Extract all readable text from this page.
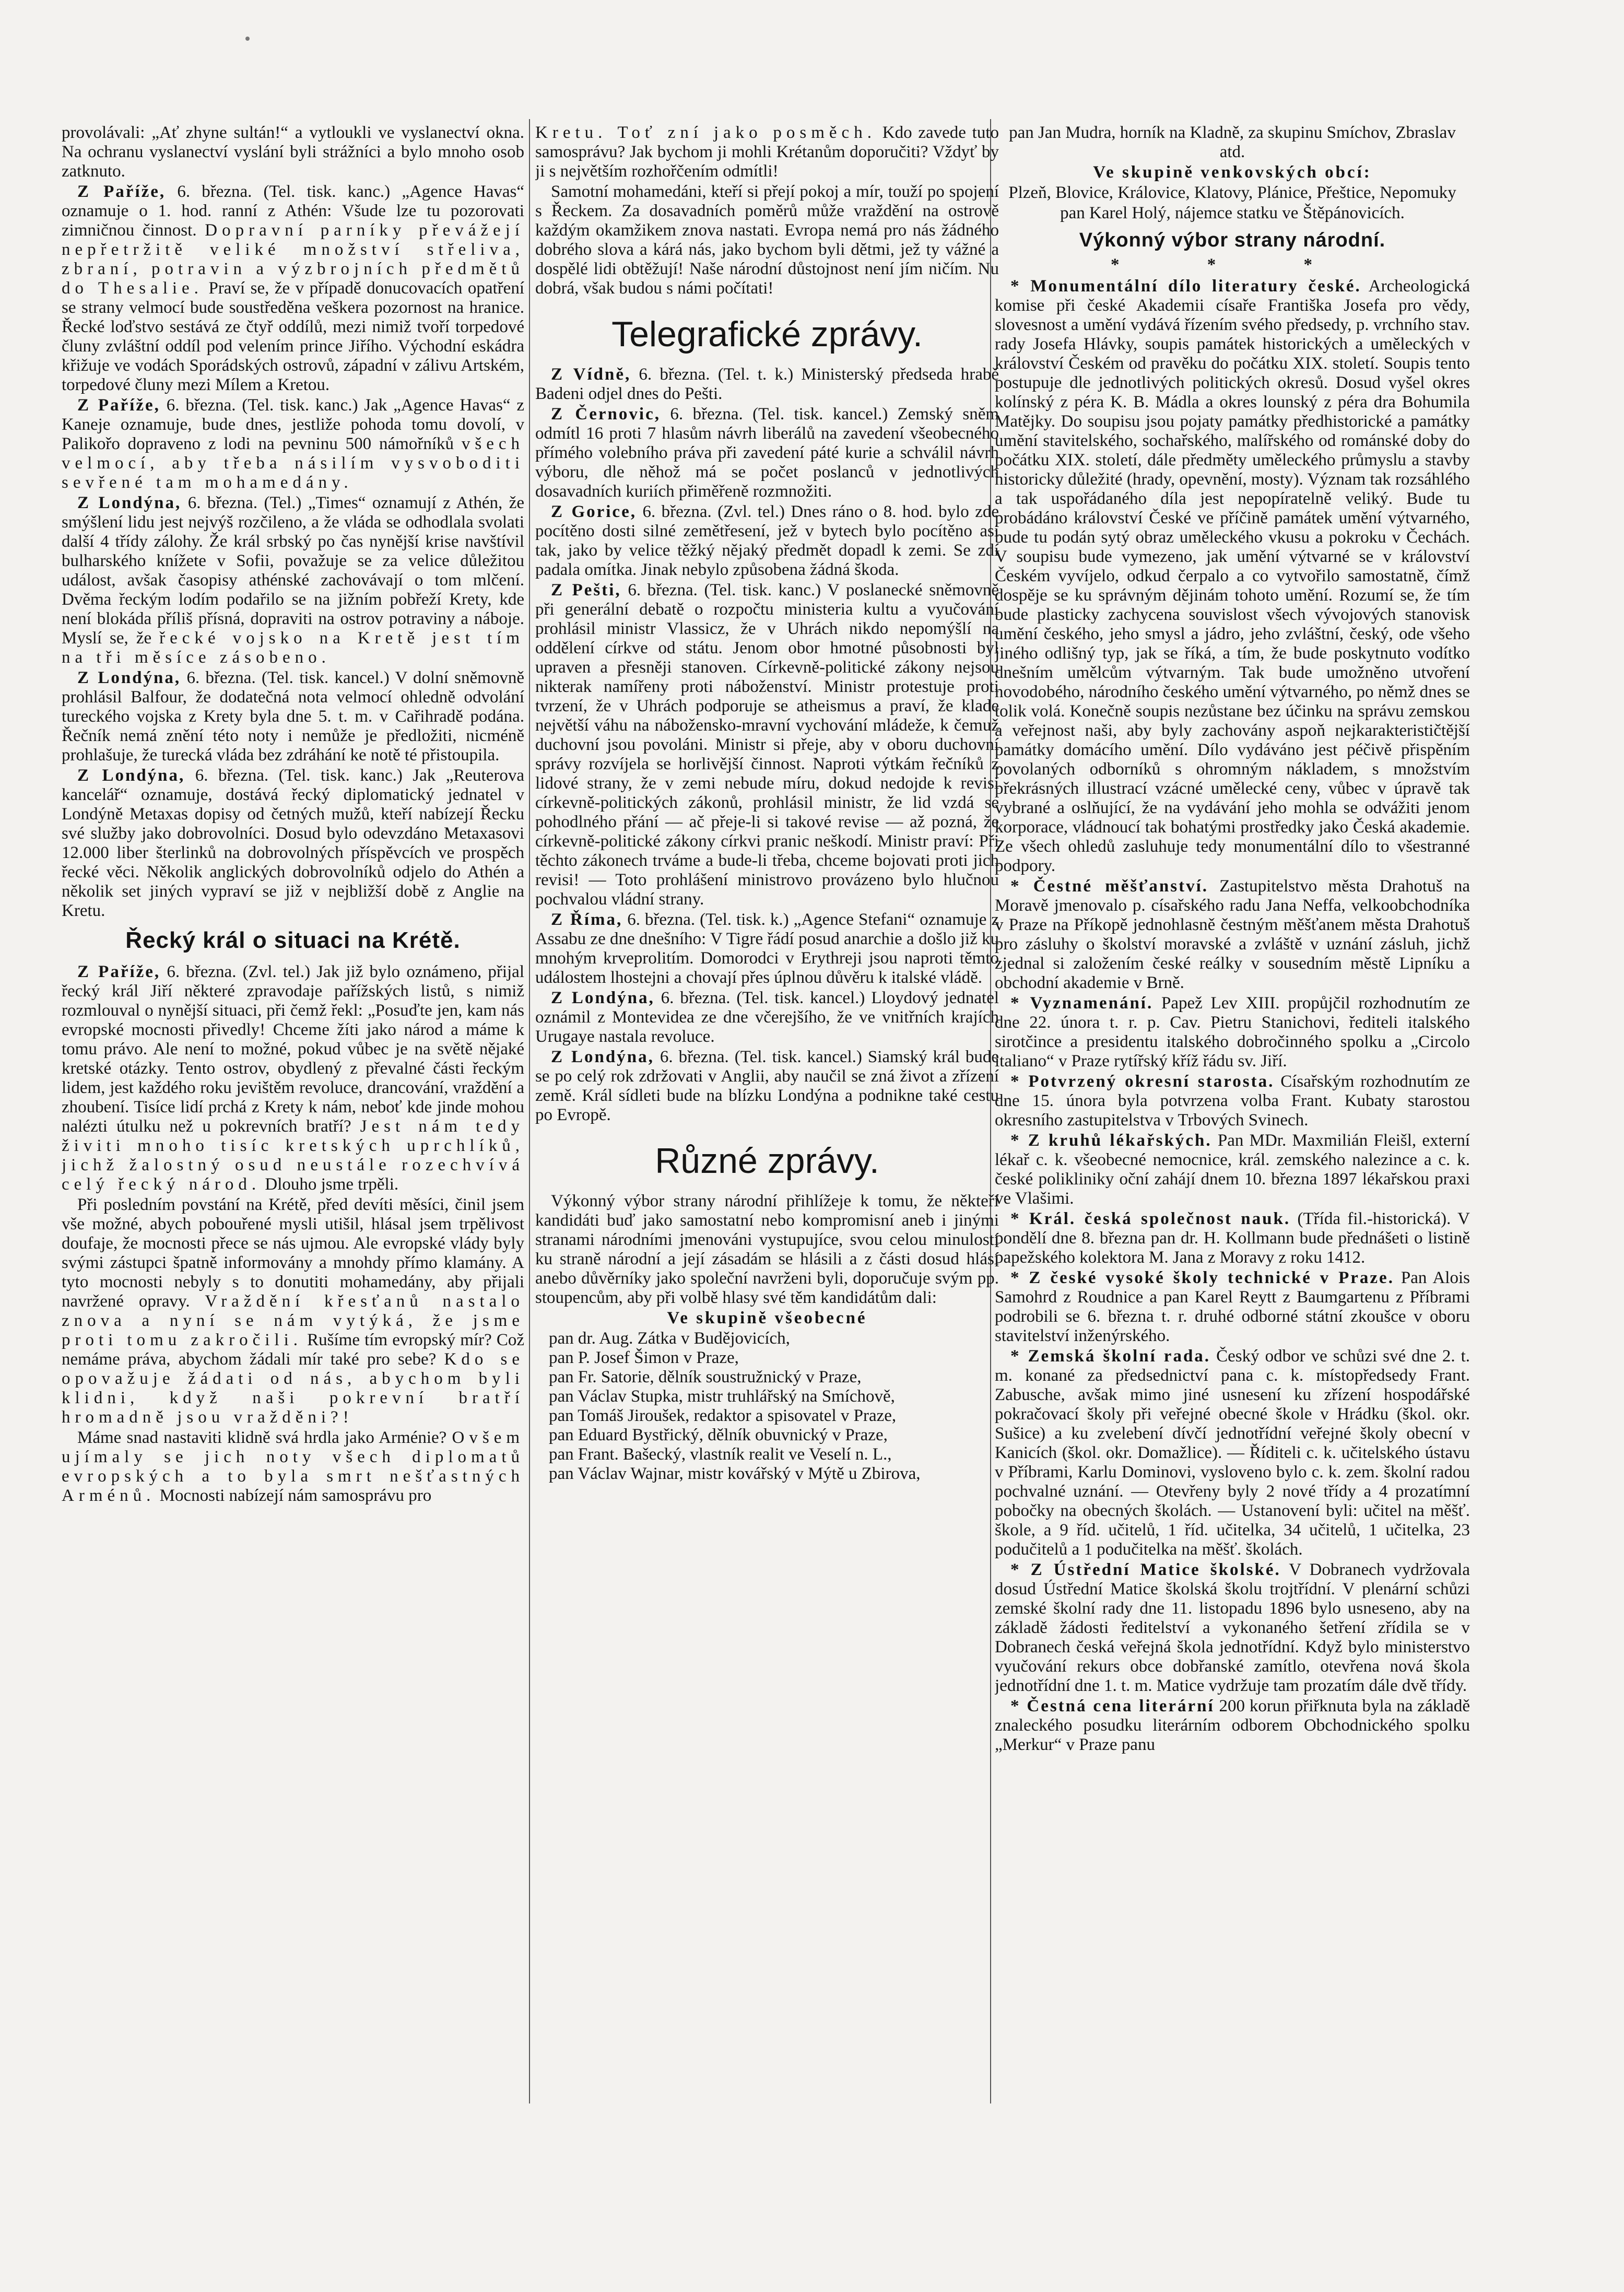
provolávali: „Ať zhyne sultán!“ a vytloukli ve vyslanectví okna. Na ochranu vyslanectví vyslání byli strážníci a bylo mnoho osob zatknuto.

Z Paříže, 6. března. (Tel. tisk. kanc.) „Agence Havas“ oznamuje o 1. hod. ranní z Athén: Všude lze tu pozorovati zimničnou činnost. Dopravní parníky převážejí nepřetržitě veliké množství střeliva, zbraní, potravin a výzbrojních předmětů do Thesalie. Praví se, že v případě donucovacích opatření se strany velmocí bude soustředěna veškera pozornost na hranice. Řecké loďstvo sestává ze čtyř oddílů, mezi nimiž tvoří torpedové čluny zvláštní oddíl pod velením prince Jiřího. Východní eskádra křižuje ve vodách Sporádských ostrovů, západní v zálivu Artském, torpedové čluny mezi Mílem a Kretou.

Z Paříže, 6. března. (Tel. tisk. kanc.) Jak „Agence Havas“ z Kaneje oznamuje, bude dnes, jestliže pohoda tomu dovolí, v Palikořo dopraveno z lodi na pevninu 500 námořníků všech velmocí, aby třeba násilím vysvoboditi sevřené tam mohamedány.

Z Londýna, 6. března. (Tel.) „Times“ oznamují z Athén, že smýšlení lidu jest nejvýš rozčileno, a že vláda se odhodlala svolati další 4 třídy zálohy. Že král srbský po čas nynější krise navštívil bulharského knížete v Sofii, považuje se za velice důležitou událost, avšak časopisy athénské zachovávají o tom mlčení. Dvěma řeckým lodím podařilo se na jižním pobřeží Krety, kde není blokáda příliš přísná, dopraviti na ostrov potraviny a náboje. Myslí se, že řecké vojsko na Kretě jest tím na tři měsíce zásobeno.

Z Londýna, 6. března. (Tel. tisk. kancel.) V dolní sněmovně prohlásil Balfour, že dodatečná nota velmocí ohledně odvolání tureckého vojska z Krety byla dne 5. t. m. v Cařihradě podána. Řečník nemá znění této noty i nemůže je předložiti, nicméně prohlašuje, že turecká vláda bez zdráhání ke notě té přistoupila.

Z Londýna, 6. března. (Tel. tisk. kanc.) Jak „Reuterova kancelář“ oznamuje, dostává řecký diplomatický jednatel v Londýně Metaxas dopisy od četných mužů, kteří nabízejí Řecku své služby jako dobrovolníci. Dosud bylo odevzdáno Metaxasovi 12.000 liber šterlinků na dobrovolných příspěvcích ve prospěch řecké věci. Několik anglických dobrovolníků odjelo do Athén a několik set jiných vypraví se již v nejbližší době z Anglie na Kretu.

Řecký král o situaci na Krétě.

Z Paříže, 6. března. (Zvl. tel.) Jak již bylo oznámeno, přijal řecký král Jiří některé zpravodaje pařížských listů, s nimiž rozmlouval o nynější situaci, při čemž řekl: „Posuďte jen, kam nás evropské mocnosti přivedly! Chceme žíti jako národ a máme k tomu právo. Ale není to možné, pokud vůbec je na světě nějaké kretské otázky. Tento ostrov, obydlený z převalné části řeckým lidem, jest každého roku jevištěm revoluce, drancování, vraždění a zhoubení. Tisíce lidí prchá z Krety k nám, neboť kde jinde mohou nalézti útulku než u pokrevních bratří? Jest nám tedy živiti mnoho tisíc kretských uprchlíků, jichž žalostný osud neustále rozechvívá celý řecký národ. Dlouho jsme trpěli.

Při posledním povstání na Krétě, před devíti měsíci, činil jsem vše možné, abych pobouřené mysli utišil, hlásal jsem trpělivost doufaje, že mocnosti přece se nás ujmou. Ale evropské vlády byly svými zástupci špatně informovány a mnohdy přímo klamány. A tyto mocnosti nebyly s to donutiti mohamedány, aby přijali navržené opravy. Vraždění křesťanů nastalo znova a nyní se nám vytýká, že jsme proti tomu zakročili. Rušíme tím evropský mír? Což nemáme práva, abychom žádali mír také pro sebe? Kdo se opovažuje žádati od nás, abychom byli klidni, když naši pokrevní bratří hromadně jsou vražděni?!

Máme snad nastaviti klidně svá hrdla jako Arménie? Ovšem ujímaly se jich noty všech diplomatů evropských a to byla smrt nešťastných Arménů. Mocnosti nabízejí nám samosprávu pro

Kretu. Toť zní jako posměch. Kdo zavede tuto samosprávu? Jak bychom ji mohli Krétanům doporučiti? Vždyť by ji s největším rozhořčením odmítli!

Samotní mohamedáni, kteří si přejí pokoj a mír, touží po spojení s Řeckem. Za dosavadních poměrů může vraždění na ostrově každým okamžikem znova nastati. Evropa nemá pro nás žádného dobrého slova a kárá nás, jako bychom byli dětmi, jež ty vážné a dospělé lidi obtěžují! Naše národní důstojnost není jím ničím. Nu dobrá, však budou s námi počítati!

Telegrafické zprávy.

Z Vídně, 6. března. (Tel. t. k.) Ministerský předseda hrabě Badeni odjel dnes do Pešti.

Z Černovic, 6. března. (Tel. tisk. kancel.) Zemský sněm odmítl 16 proti 7 hlasům návrh liberálů na zavedení všeobecného přímého volebního práva při zavedení páté kurie a schválil návrh výboru, dle něhož má se počet poslanců v jednotlivých dosavadních kuriích přiměřeně rozmnožiti.

Z Gorice, 6. března. (Zvl. tel.) Dnes ráno o 8. hod. bylo zde pocítěno dosti silné zemětřesení, jež v bytech bylo pocítěno asi tak, jako by velice těžký nějaký předmět dopadl k zemi. Se zdí padala omítka. Jinak nebylo způsobena žádná škoda.

Z Pešti, 6. března. (Tel. tisk. kanc.) V poslanecké sněmovně při generální debatě o rozpočtu ministeria kultu a vyučování prohlásil ministr Vlassicz, že v Uhrách nikdo nepomýšlí na oddělení církve od státu. Jenom obor hmotné působnosti byl upraven a přesněji stanoven. Církevně-politické zákony nejsou nikterak namířeny proti náboženství. Ministr protestuje proti tvrzení, že v Uhrách podporuje se atheismus a praví, že klade největší váhu na nábožensko-mravní vychování mládeže, k čemuž duchovní jsou povoláni. Ministr si přeje, aby v oboru duchovní správy rozvíjela se horlivější činnost. Naproti výtkám řečníků z lidové strany, že v zemi nebude míru, dokud nedojde k revisi církevně-politických zákonů, prohlásil ministr, že lid vzdá se pohodlného přání — ač přeje-li si takové revise — až pozná, že církevně-politické zákony církvi pranic neškodí. Ministr praví: Při těchto zákonech trváme a bude-li třeba, chceme bojovati proti jich revisi! — Toto prohlášení ministrovo provázeno bylo hlučnou pochvalou vládní strany.

Z Říma, 6. března. (Tel. tisk. k.) „Agence Stefani“ oznamuje z Assabu ze dne dnešního: V Tigre řádí posud anarchie a došlo již ku mnohým krveprolitím. Domorodci v Erythreji jsou naproti těmto událostem lhostejni a chovají přes úplnou důvěru k italské vládě.

Z Londýna, 6. března. (Tel. tisk. kancel.) Lloydový jednatel oznámil z Montevidea ze dne včerejšího, že ve vnitřních krajích Urugaye nastala revoluce.

Z Londýna, 6. března. (Tel. tisk. kancel.) Siamský král bude se po celý rok zdržovati v Anglii, aby naučil se zná život a zřízení země. Král sídleti bude na blízku Londýna a podnikne také cestu po Evropě.

Různé zprávy.

Výkonný výbor strany národní přihlížeje k tomu, že někteří kandidáti buď jako samostatní nebo kompromisní aneb i jinými stranami národními jmenováni vystupujíce, svou celou minulostí ku straně národní a její zásadám se hlásili a z části dosud hlásí anebo důvěrníky jako společní navrženi byli, doporučuje svým pp. stoupencům, aby při volbě hlasy své těm kandidátům dali:

Ve skupině všeobecné

pan dr. Aug. Zátka v Budějovicích,
pan P. Josef Šimon v Praze,
pan Fr. Satorie, dělník soustružnický v Praze,
pan Václav Stupka, mistr truhlářský na Smíchově,
pan Tomáš Jiroušek, redaktor a spisovatel v Praze,
pan Eduard Bystřický, dělník obuvnický v Praze,
pan Frant. Bašecký, vlastník realit ve Veselí n. L.,
pan Václav Wajnar, mistr kovářský v Mýtě u Zbirova,

pan Jan Mudra, horník na Kladně, za skupinu Smíchov, Zbraslav atd.

Ve skupině venkovských obcí:

Plzeň, Blovice, Královice, Klatovy, Plánice, Přeštice, Nepomuky

pan Karel Holý, nájemce statku ve Štěpánovicích.

Výkonný výbor strany národní.

* * *

* Monumentální dílo literatury české. Archeologická komise při české Akademii císaře Františka Josefa pro vědy, slovesnost a umění vydává řízením svého předsedy, p. vrchního stav. rady Josefa Hlávky, soupis památek historických a uměleckých v království Českém od pravěku do počátku XIX. století. Soupis tento postupuje dle jednotlivých politických okresů. Dosud vyšel okres kolínský z péra K. B. Mádla a okres lounský z péra dra Bohumila Matějky. Do soupisu jsou pojaty památky předhistorické a památky umění stavitelského, sochařského, malířského od románské doby do počátku XIX. století, dále předměty uměleckého průmyslu a stavby historicky důležité (hrady, opevnění, mosty). Význam tak rozsáhlého a tak uspořádaného díla jest nepopíratelně veliký. Bude tu probádáno království České ve příčině památek umění výtvarného, bude tu podán sytý obraz uměleckého vkusu a pokroku v Čechách. V soupisu bude vymezeno, jak umění výtvarné se v království Českém vyvíjelo, odkud čerpalo a co vytvořilo samostatně, čímž dospěje se ku správným dějinám tohoto umění. Rozumí se, že tím bude plasticky zachycena souvislost všech vývojových stanovisk umění českého, jeho smysl a jádro, jeho zvláštní, český, ode všeho jiného odlišný typ, jak se říká, a tím, že bude poskytnuto vodítko dnešním umělcům výtvarným. Tak bude umožněno utvoření novodobého, národního českého umění výtvarného, po němž dnes se tolik volá. Konečně soupis nezůstane bez účinku na správu zemskou a veřejnost naši, aby byly zachovány aspoň nejkarakterističtější památky domácího umění. Dílo vydáváno jest péčivě přispěním povolaných odborníků s ohromným nákladem, s množstvím překrásných illustrací vzácné umělecké ceny, vůbec v úpravě tak vybrané a oslňující, že na vydávání jeho mohla se odvážiti jenom korporace, vládnoucí tak bohatými prostředky jako Česká akademie. Ze všech ohledů zasluhuje tedy monumentální dílo to všestranné podpory.

* Čestné měšťanství. Zastupitelstvo města Drahotuš na Moravě jmenovalo p. císařského radu Jana Neffa, velkoobchodníka v Praze na Příkopě jednohlasně čestným měšťanem města Drahotuš pro zásluhy o školství moravské a zvláště v uznání zásluh, jichž zjednal si založením české reálky v sousedním městě Lipníku a obchodní akademie v Brně.

* Vyznamenání. Papež Lev XIII. propůjčil rozhodnutím ze dne 22. února t. r. p. Cav. Pietru Stanichovi, řediteli italského sirotčince a presidentu italského dobročinného spolku a „Circolo italiano“ v Praze rytířský kříž řádu sv. Jiří.

* Potvrzený okresní starosta. Císařským rozhodnutím ze dne 15. února byla potvrzena volba Frant. Kubaty starostou okresního zastupitelstva v Trbových Svinech.

* Z kruhů lékařských. Pan MDr. Maxmilián Fleišl, externí lékař c. k. všeobecné nemocnice, král. zemského nalezince a c. k. české polikliniky oční zahájí dnem 10. března 1897 lékařskou praxi ve Vlašimi.

* Král. česká společnost nauk. (Třída fil.-historická). V pondělí dne 8. března pan dr. H. Kollmann bude přednášeti o listině papežského kolektora M. Jana z Moravy z roku 1412.

* Z české vysoké školy technické v Praze. Pan Alois Samohrd z Roudnice a pan Karel Reytt z Baumgartenu z Příbrami podrobili se 6. března t. r. druhé odborné státní zkoušce v oboru stavitelství inženýrského.

* Zemská školní rada. Český odbor ve schůzi své dne 2. t. m. konané za předsednictví pana c. k. místopředsedy Frant. Zabusche, avšak mimo jiné usnesení ku zřízení hospodářské pokračovací školy při veřejné obecné škole v Hrádku (škol. okr. Sušice) a ku zvelebení dívčí jednotřídní veřejné školy obecní v Kanicích (škol. okr. Domažlice). — Říditeli c. k. učitelského ústavu v Příbrami, Karlu Dominovi, vysloveno bylo c. k. zem. školní radou pochvalné uznání. — Otevřeny byly 2 nové třídy a 4 prozatímní pobočky na obecných školách. — Ustanovení byli: učitel na měšť. škole, a 9 říd. učitelů, 1 říd. učitelka, 34 učitelů, 1 učitelka, 23 podučitelů a 1 podučitelka na měšť. školách.

* Z Ústřední Matice školské. V Dobranech vydržovala dosud Ústřední Matice školská školu trojtřídní. V plenární schůzi zemské školní rady dne 11. listopadu 1896 bylo usneseno, aby na základě žádosti ředitelství a vykonaného šetření zřídila se v Dobranech česká veřejná škola jednotřídní. Když bylo ministerstvo vyučování rekurs obce dobřanské zamítlo, otevřena nová škola jednotřídní dne 1. t. m. Matice vydržuje tam prozatím dále dvě třídy.

* Čestná cena literární 200 korun přiřknuta byla na základě znaleckého posudku literárním odborem Obchodnického spolku „Merkur“ v Praze panu
